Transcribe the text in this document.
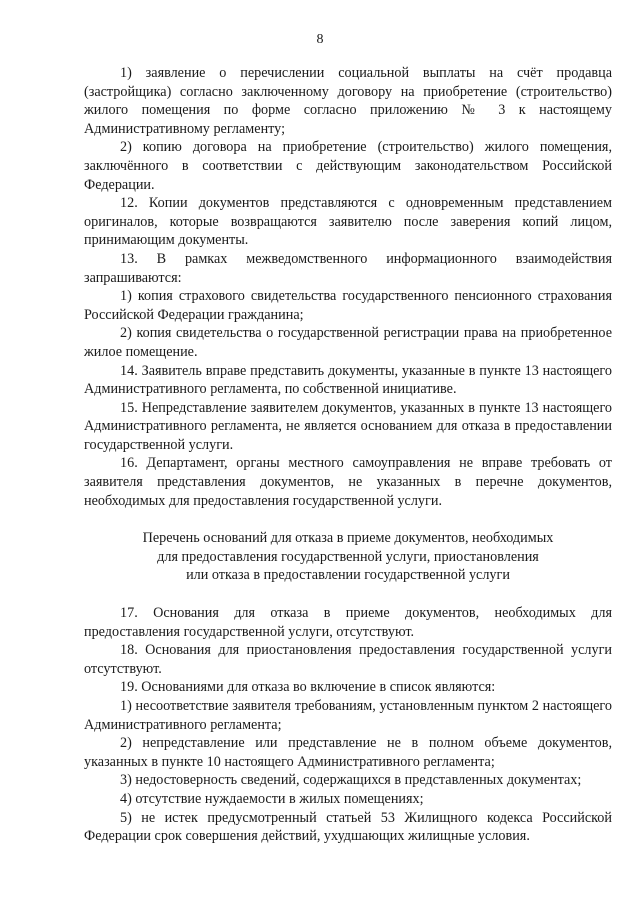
8

1) заявление о перечислении социальной выплаты на счёт продавца (застройщика) согласно заключенному договору на приобретение (строительство) жилого помещения по форме согласно приложению № 3 к настоящему Административному регламенту;

2) копию договора на приобретение (строительство) жилого помещения, заключённого в соответствии с действующим законодательством Российской Федерации.

12. Копии документов представляются с одновременным представлением оригиналов, которые возвращаются заявителю после заверения копий лицом, принимающим документы.

13. В рамках межведомственного информационного взаимодействия запрашиваются:

1) копия страхового свидетельства государственного пенсионного страхования Российской Федерации гражданина;

2) копия свидетельства о государственной регистрации права на приобретенное жилое помещение.

14. Заявитель вправе представить документы, указанные в пункте 13 настоящего Административного регламента, по собственной инициативе.

15. Непредставление заявителем документов, указанных в пункте 13 настоящего Административного регламента, не является основанием для отказа в предоставлении государственной услуги.

16. Департамент, органы местного самоуправления не вправе требовать от заявителя представления документов, не указанных в перечне документов, необходимых для предоставления государственной услуги.

Перечень оснований для отказа в приеме документов, необходимых
для предоставления государственной услуги, приостановления
или отказа в предоставлении государственной услуги

17. Основания для отказа в приеме документов, необходимых для предоставления государственной услуги, отсутствуют.

18. Основания для приостановления предоставления государственной услуги отсутствуют.

19. Основаниями для отказа во включение в список являются:

1) несоответствие заявителя требованиям, установленным пунктом 2 настоящего Административного регламента;

2) непредставление или представление не в полном объеме документов, указанных в пункте 10 настоящего Административного регламента;

3) недостоверность сведений, содержащихся в представленных документах;

4) отсутствие нуждаемости в жилых помещениях;

5) не истек предусмотренный статьей 53 Жилищного кодекса Российской Федерации срок совершения действий, ухудшающих жилищные условия.
